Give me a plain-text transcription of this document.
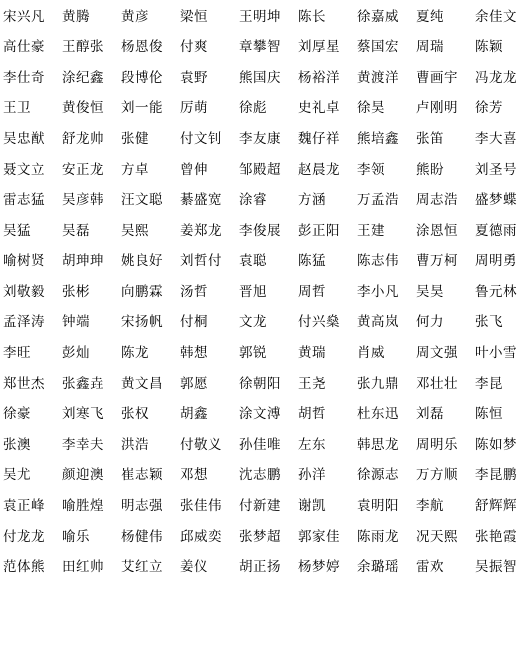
宋兴凡	黄腾	黄彦	梁恒	王明坤	陈长	徐嘉威	夏纯	余佳文
高仕豪	王醇张	杨恩俊	付爽	章攀智	刘厚星	蔡国宏	周瑞	陈颖
李仕奇	涂纪鑫	段博伦	袁野	熊国庆	杨裕洋	黄渡洋	曹画宇	冯龙龙
王卫	黄俊恒	刘一能	厉萌	徐彪	史礼卓	徐昊	卢刚明	徐芳
吴忠猷	舒龙帅	张健	付文钊	李友康	魏仔祥	熊培鑫	张笛	李大喜
聂文立	安正龙	方卓	曾伸	邹殿超	赵晨龙	李领	熊盼	刘圣号
雷志猛	吴彦韩	汪文聪	綦盛宽	涂睿	方涵	万孟浩	周志浩	盛梦蝶
吴猛	吴磊	吴熙	姜郑龙	李俊展	彭正阳	王建	涂恩恒	夏德雨
喻树贤	胡珅珅	姚良好	刘哲付	袁聪	陈猛	陈志伟	曹万柯	周明勇
刘敬毅	张彬	向鹏霖	汤哲	晋旭	周哲	李小凡	吴昊	鲁元林
孟泽涛	钟端	宋扬帆	付桐	文龙	付兴燊	黄高岚	何力	张飞
李旺	彭灿	陈龙	韩想	郭锐	黄瑞	肖威	周文强	叶小雪
郑世杰	张鑫垚	黄文昌	郭愿	徐朝阳	王尧	张九鼎	邓壮壮	李昆
徐豪	刘寒飞	张权	胡鑫	涂文溥	胡哲	杜东迅	刘磊	陈恒
张澳	李幸夫	洪浩	付敬义	孙佳唯	左东	韩思龙	周明乐	陈如梦
吴尤	颜迎澳	崔志颖	邓想	沈志鹏	孙洋	徐源志	万方顺	李昆鹏
袁正峰	喻胜煌	明志强	张佳伟	付新建	谢凯	袁明阳	李航	舒辉辉
付龙龙	喻乐	杨健伟	邱威奕	张梦超	郭家佳	陈雨龙	况天熙	张艳霞
范体熊	田红帅	艾红立	姜仪	胡正扬	杨梦婷	余璐瑶	雷欢	吴振智
